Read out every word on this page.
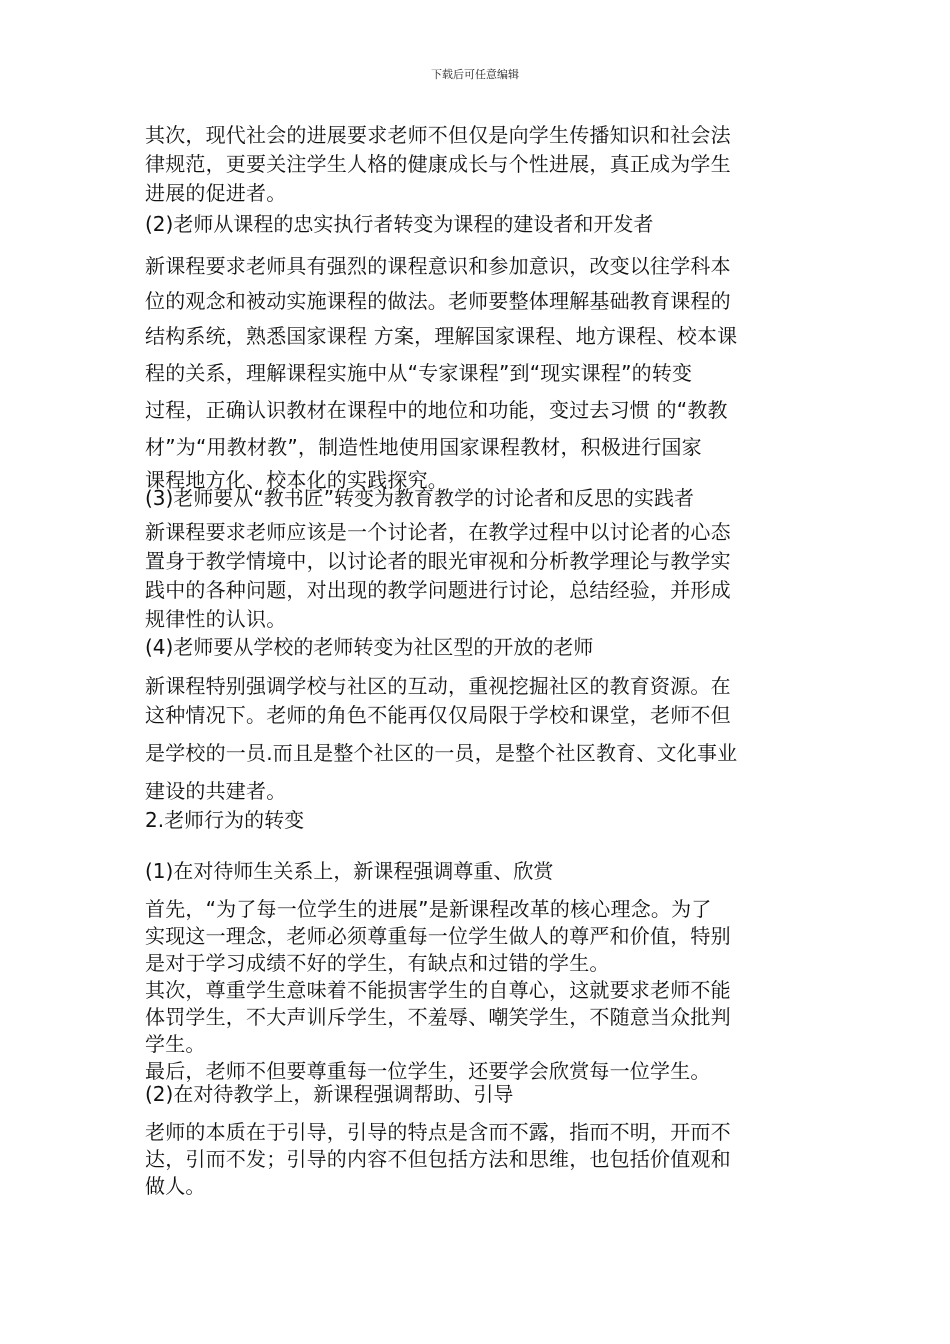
下载后可任意编辑
其次，现代社会的进展要求老师不但仅是向学生传播知识和社会法
律规范，更要关注学生人格的健康成长与个性进展，真正成为学生
进展的促进者。
(2)老师从课程的忠实执行者转变为课程的建设者和开发者
新课程要求老师具有强烈的课程意识和参加意识，改变以往学科本
位的观念和被动实施课程的做法。老师要整体理解基础教育课程的
结构系统，熟悉国家课程 方案，理解国家课程、地方课程、校本课
程的关系，理解课程实施中从“专家课程”到“现实课程”的转变
过程，正确认识教材在课程中的地位和功能，变过去习惯 的“教教
材”为“用教材教”，制造性地使用国家课程教材，积极进行国家
课程地方化、校本化的实践探究。
(3)老师要从“教书匠”转变为教育教学的讨论者和反思的实践者
新课程要求老师应该是一个讨论者，在教学过程中以讨论者的心态
置身于教学情境中，以讨论者的眼光审视和分析教学理论与教学实
践中的各种问题，对出现的教学问题进行讨论，总结经验，并形成
规律性的认识。
(4)老师要从学校的老师转变为社区型的开放的老师
新课程特别强调学校与社区的互动，重视挖掘社区的教育资源。在
这种情况下。老师的角色不能再仅仅局限于学校和课堂，老师不但
是学校的一员.而且是整个社区的一员，是整个社区教育、文化事业
建设的共建者。
2.老师行为的转变
(1)在对待师生关系上，新课程强调尊重、欣赏
首先，“为了每一位学生的进展”是新课程改革的核心理念。为了
实现这一理念，老师必须尊重每一位学生做人的尊严和价值，特别
是对于学习成绩不好的学生，有缺点和过错的学生。
其次，尊重学生意味着不能损害学生的自尊心，这就要求老师不能
体罚学生，不大声训斥学生，不羞辱、嘲笑学生，不随意当众批判
学生。
最后，老师不但要尊重每一位学生，还要学会欣赏每一位学生。
(2)在对待教学上，新课程强调帮助、引导
老师的本质在于引导，引导的特点是含而不露，指而不明，开而不
达，引而不发；引导的内容不但包括方法和思维，也包括价值观和
做人。
